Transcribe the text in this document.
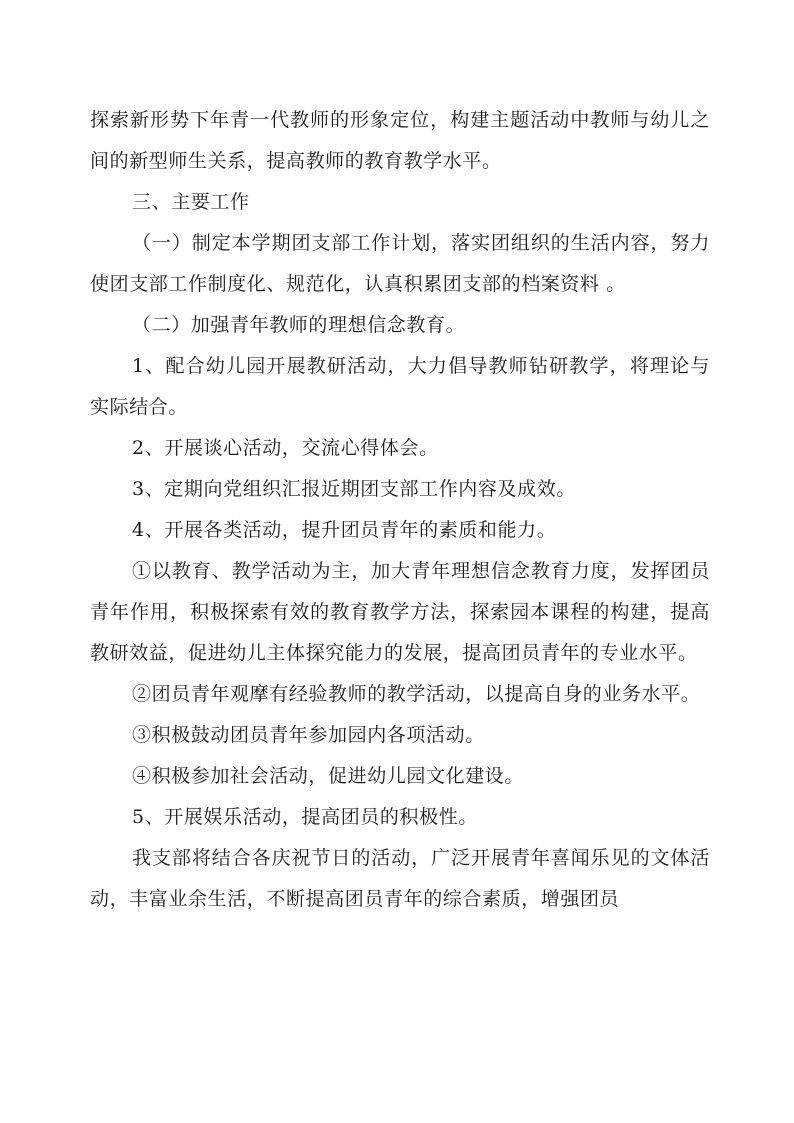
探索新形势下年青一代教师的形象定位，构建主题活动中教师与幼儿之间的新型师生关系，提高教师的教育教学水平。

三、主要工作

（一）制定本学期团支部工作计划，落实团组织的生活内容，努力使团支部工作制度化、规范化，认真积累团支部的档案资料 。

（二）加强青年教师的理想信念教育。

1、配合幼儿园开展教研活动，大力倡导教师钻研教学，将理论与实际结合。

2、开展谈心活动，交流心得体会。

3、定期向党组织汇报近期团支部工作内容及成效。

4、开展各类活动，提升团员青年的素质和能力。

①以教育、教学活动为主，加大青年理想信念教育力度，发挥团员青年作用，积极探索有效的教育教学方法，探索园本课程的构建，提高教研效益，促进幼儿主体探究能力的发展，提高团员青年的专业水平。

②团员青年观摩有经验教师的教学活动，以提高自身的业务水平。

③积极鼓动团员青年参加园内各项活动。

④积极参加社会活动，促进幼儿园文化建设。

5、开展娱乐活动，提高团员的积极性。

我支部将结合各庆祝节日的活动，广泛开展青年喜闻乐见的文体活动，丰富业余生活，不断提高团员青年的综合素质，增强团员
